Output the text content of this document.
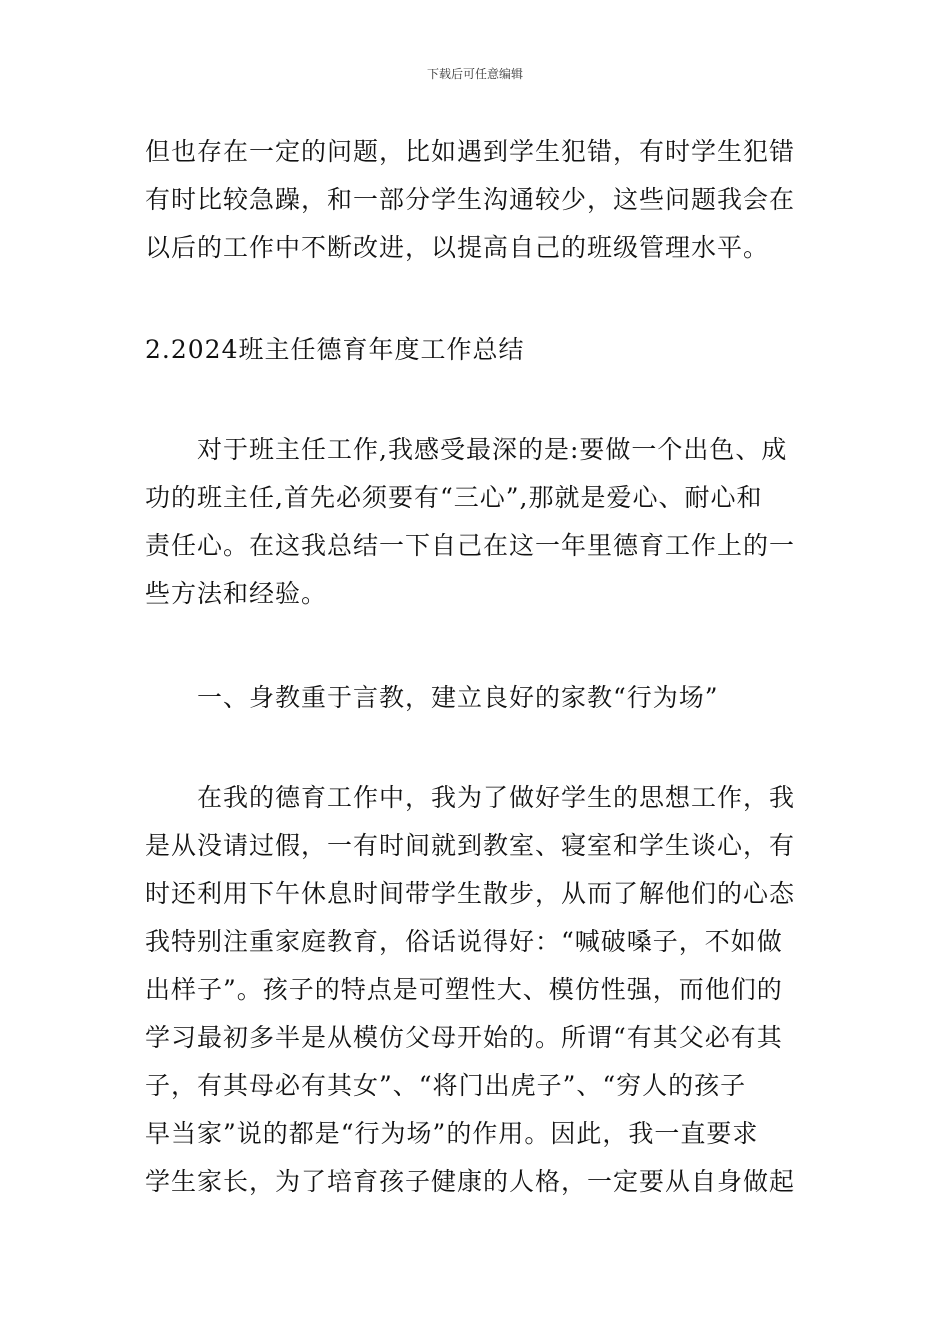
下载后可任意编辑
但也存在一定的问题，比如遇到学生犯错，有时学生犯错
有时比较急躁，和一部分学生沟通较少，这些问题我会在
以后的工作中不断改进，以提高自己的班级管理水平。
2.2024班主任德育年度工作总结
对于班主任工作,我感受最深的是:要做一个出色、成
功的班主任,首先必须要有“三心”,那就是爱心、耐心和
责任心。在这我总结一下自己在这一年里德育工作上的一
些方法和经验。
一、身教重于言教，建立良好的家教“行为场”
在我的德育工作中，我为了做好学生的思想工作，我
是从没请过假，一有时间就到教室、寝室和学生谈心，有
时还利用下午休息时间带学生散步，从而了解他们的心态
我特别注重家庭教育，俗话说得好：“喊破嗓子，不如做
出样子”。孩子的特点是可塑性大、模仿性强，而他们的
学习最初多半是从模仿父母开始的。所谓“有其父必有其
子，有其母必有其女”、“将门出虎子”、“穷人的孩子
早当家”说的都是“行为场”的作用。因此，我一直要求
学生家长，为了培育孩子健康的人格，一定要从自身做起
